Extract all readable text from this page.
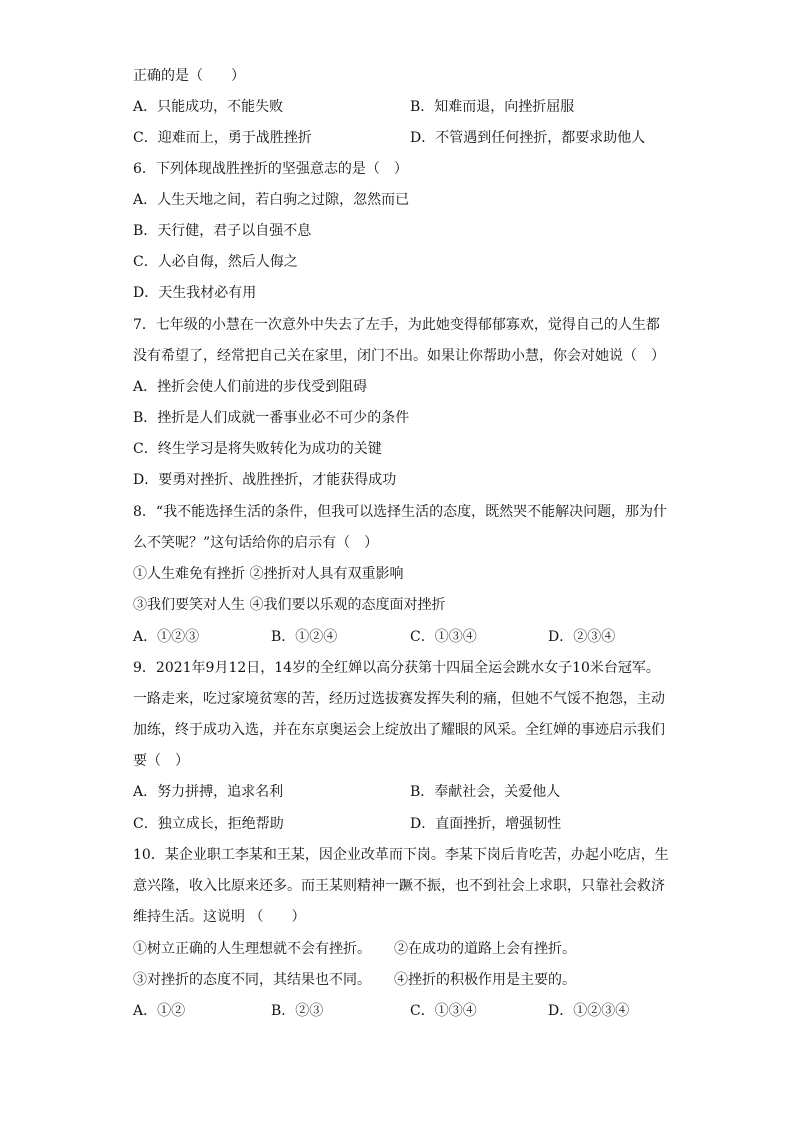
正确的是（　　）
A．只能成功，不能失败	B．知难而退，向挫折屈服
C．迎难而上，勇于战胜挫折	D．不管遇到任何挫折，都要求助他人
6．下列体现战胜挫折的坚强意志的是（　）
A．人生天地之间，若白驹之过隙，忽然而已
B．天行健，君子以自强不息
C．人必自侮，然后人侮之
D．天生我材必有用
7．七年级的小慧在一次意外中失去了左手，为此她变得郁郁寡欢，觉得自己的人生都
没有希望了，经常把自己关在家里，闭门不出。如果让你帮助小慧，你会对她说（　）
A．挫折会使人们前进的步伐受到阻碍
B．挫折是人们成就一番事业必不可少的条件
C．终生学习是将失败转化为成功的关键
D．要勇对挫折、战胜挫折，才能获得成功
8．“我不能选择生活的条件，但我可以选择生活的态度，既然哭不能解决问题，那为什
么不笑呢？”这句话给你的启示有（　）
①人生难免有挫折 ②挫折对人具有双重影响
③我们要笑对人生 ④我们要以乐观的态度面对挫折
A．①②③	B．①②④	C．①③④	D．②③④
9．2021年9月12日，14岁的全红婵以高分获第十四届全运会跳水女子10米台冠军。
一路走来，吃过家境贫寒的苦，经历过选拔赛发挥失利的痛，但她不气馁不抱怨，主动
加练，终于成功入选，并在东京奥运会上绽放出了耀眼的风采。全红婵的事迹启示我们
要（　）
A．努力拼搏，追求名利	B．奉献社会，关爱他人
C．独立成长，拒绝帮助	D．直面挫折，增强韧性
10．某企业职工李某和王某，因企业改革而下岗。李某下岗后肯吃苦，办起小吃店，生
意兴隆，收入比原来还多。而王某则精神一蹶不振，也不到社会上求职，只靠社会救济
维持生活。这说明 （　　）
①树立正确的人生理想就不会有挫折。 ②在成功的道路上会有挫折。
③对挫折的态度不同，其结果也不同。 ④挫折的积极作用是主要的。
A．①②	B．②③	C．①③④	D．①②③④
